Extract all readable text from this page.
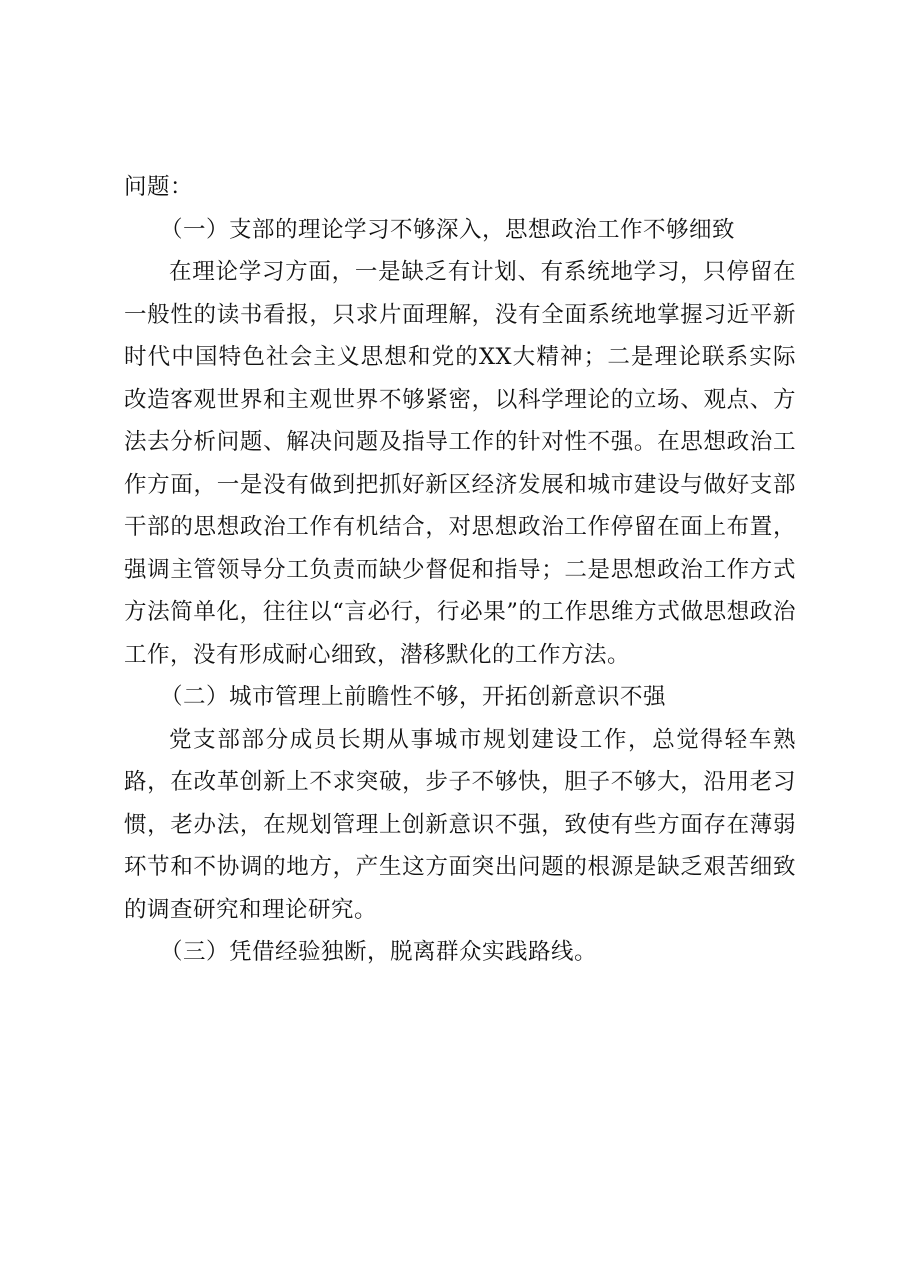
问题：

（一）支部的理论学习不够深入，思想政治工作不够细致

在理论学习方面，一是缺乏有计划、有系统地学习，只停留在一般性的读书看报，只求片面理解，没有全面系统地掌握习近平新时代中国特色社会主义思想和党的XX大精神；二是理论联系实际改造客观世界和主观世界不够紧密，以科学理论的立场、观点、方法去分析问题、解决问题及指导工作的针对性不强。在思想政治工作方面，一是没有做到把抓好新区经济发展和城市建设与做好支部干部的思想政治工作有机结合，对思想政治工作停留在面上布置，强调主管领导分工负责而缺少督促和指导；二是思想政治工作方式方法简单化，往往以“言必行，行必果”的工作思维方式做思想政治工作，没有形成耐心细致，潜移默化的工作方法。

（二）城市管理上前瞻性不够，开拓创新意识不强

党支部部分成员长期从事城市规划建设工作，总觉得轻车熟路，在改革创新上不求突破，步子不够快，胆子不够大，沿用老习惯，老办法，在规划管理上创新意识不强，致使有些方面存在薄弱环节和不协调的地方，产生这方面突出问题的根源是缺乏艰苦细致的调查研究和理论研究。

（三）凭借经验独断，脱离群众实践路线。
